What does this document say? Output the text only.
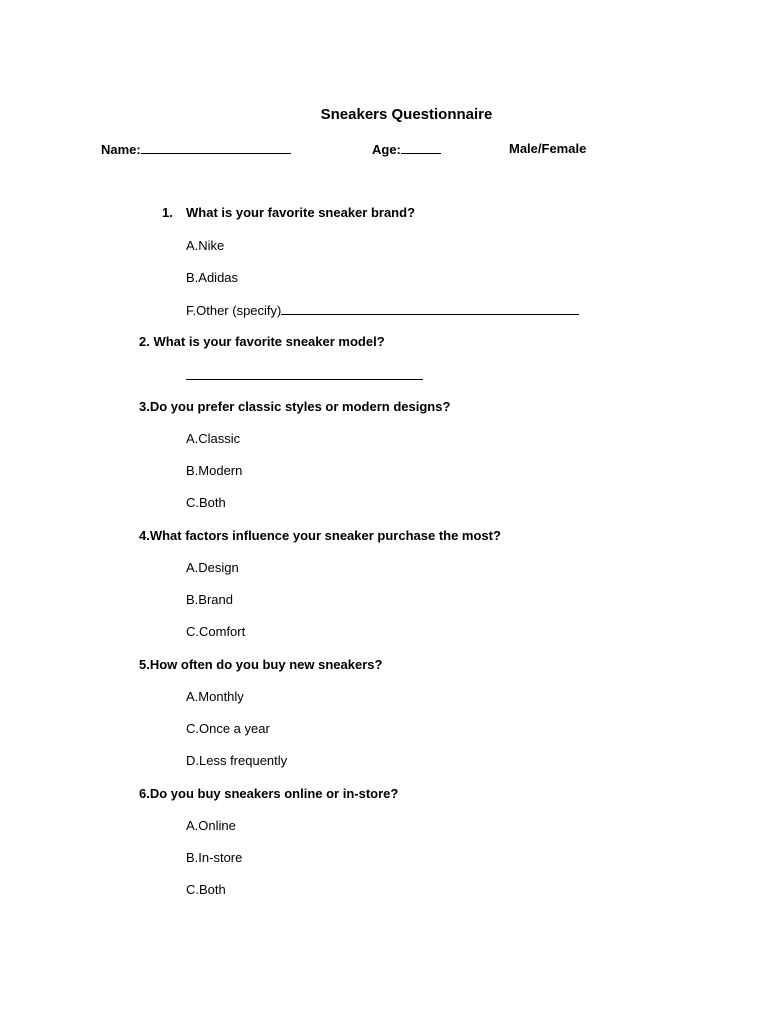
Sneakers Questionnaire
Name:	Age:	Male/Female
1. What is your favorite sneaker brand?
A.Nike
B.Adidas
F.Other (specify)
2. What is your favorite sneaker model?
3.Do you prefer classic styles or modern designs?
A.Classic
B.Modern
C.Both
4.What factors influence your sneaker purchase the most?
A.Design
B.Brand
C.Comfort
5.How often do you buy new sneakers?
A.Monthly
C.Once a year
D.Less frequently
6.Do you buy sneakers online or in-store?
A.Online
B.In-store
C.Both
